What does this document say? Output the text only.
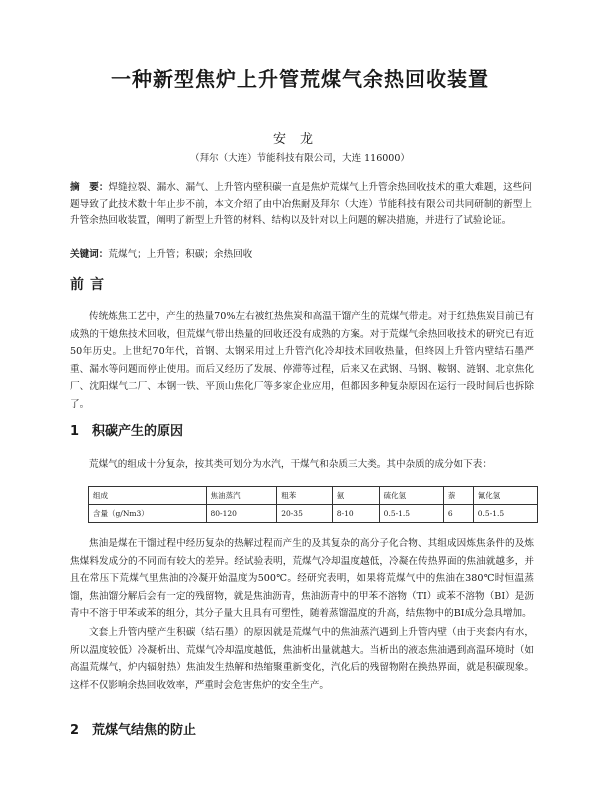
一种新型焦炉上升管荒煤气余热回收装置
安龙
（拜尔（大连）节能科技有限公司，大连 116000）
摘　要：焊缝拉裂、漏水、漏气、上升管内壁积碳一直是焦炉荒煤气上升管余热回收技术的重大难题，这些问题导致了此技术数十年止步不前，本文介绍了由中冶焦耐及拜尔（大连）节能科技有限公司共同研制的新型上升管余热回收装置，阐明了新型上升管的材料、结构以及针对以上问题的解决措施，并进行了试验论证。
关键词：荒煤气；上升管；积碳；余热回收
前言

传统炼焦工艺中，产生的热量70%左右被红热焦炭和高温干馏产生的荒煤气带走。对于红热焦炭目前已有成熟的干熄焦技术回收，但荒煤气带出热量的回收还没有成熟的方案。对于荒煤气余热回收技术的研究已有近50年历史。上世纪70年代，首钢、太钢采用过上升管汽化冷却技术回收热量，但终因上升管内壁结石墨严重、漏水等问题而停止使用。而后又经历了发展、停滞等过程，后来又在武钢、马钢、鞍钢、涟钢、北京焦化厂、沈阳煤气二厂、本钢一铁、平顶山焦化厂等多家企业应用，但都因多种复杂原因在运行一段时间后也拆除了。

1 积碳产生的原因

荒煤气的组成十分复杂，按其类可划分为水汽，干煤气和杂质三大类。其中杂质的成分如下表：

组成	焦油蒸汽	粗苯	氨	硫化氢	萘	氰化氢
含量（g/Nm3）	80-120	20-35	8-10	0.5-1.5	6	0.5-1.5

焦油是煤在干馏过程中经历复杂的热解过程而产生的及其复杂的高分子化合物、其组成因炼焦条件的及炼焦煤料发成分的不同而有较大的差异。经试验表明，荒煤气冷却温度越低，冷凝在传热界面的焦油就越多，并且在常压下荒煤气里焦油的冷凝开始温度为500℃。经研究表明，如果将荒煤气中的焦油在380℃时恒温蒸馏，焦油馏分解后会有一定的残留物，就是焦油沥青，焦油沥青中的甲苯不溶物（TI）或苯不溶物（BI）是沥青中不溶于甲苯或苯的组分，其分子量大且具有可塑性，随着蒸馏温度的升高，结焦物中的BI成分急具增加。

文套上升管内壁产生积碳（结石墨）的原因就是荒煤气中的焦油蒸汽遇到上升管内壁（由于夹套内有水，所以温度较低）冷凝析出、荒煤气冷却温度越低，焦油析出量就越大。当析出的液态焦油遇到高温环境时（如高温荒煤气，炉内辐射热）焦油发生热解和热缩聚重新变化，汽化后的残留物附在换热界面，就是积碳现象。这样不仅影响余热回收效率，严重时会危害焦炉的安全生产。

2 荒煤气结焦的防止
